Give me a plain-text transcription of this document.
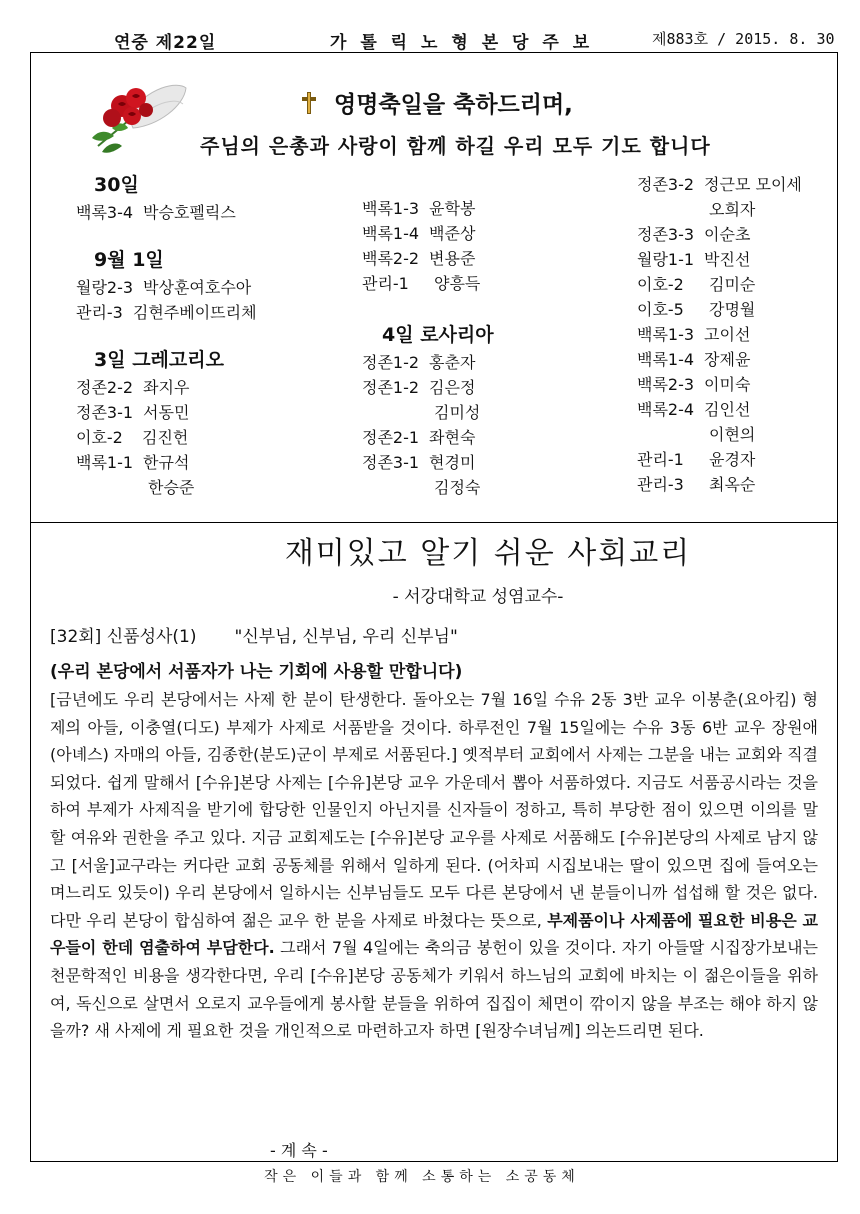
연중 제22일	가 톨 릭 노 형 본 당 주 보	제883호 / 2015. 8. 30
영명축일을 축하드리며,
주님의 은총과 사랑이 함께 하길 우리 모두 기도 합니다
30일
백록3-4 박승호펠릭스
9월 1일
월랑2-3 박상훈여호수아
관리-3 김현주베이뜨리체
3일 그레고리오
정존2-2 좌지우
정존3-1 서동민
이호-2 김진헌
백록1-1 한규석
한승준
백록1-3 윤학봉
백록1-4 백준상
백록2-2 변용준
관리-1 양흥득
4일 로사리아
정존1-2 홍춘자
정존1-2 김은정
김미성
정존2-1 좌현숙
정존3-1 현경미
김정숙
정존3-2 정근모 모이세
오희자
정존3-3 이순초
월랑1-1 박진선
이호-2 김미순
이호-5 강명월
백록1-3 고이선
백록1-4 장제윤
백록2-3 이미숙
백록2-4 김인선
이현의
관리-1 윤경자
관리-3 최옥순
재미있고 알기 쉬운 사회교리
- 서강대학교 성염교수-
[32회] 신품성사(1) "신부님, 신부님, 우리 신부님"
(우리 본당에서 서품자가 나는 기회에 사용할 만합니다)
[금년에도 우리 본당에서는 사제 한 분이 탄생한다. 돌아오는 7월 16일 수유 2동 3반 교우 이봉춘(요아킴) 형제의 아들, 이충열(디도) 부제가 사제로 서품받을 것이다. 하루전인 7월 15일에는 수유 3동 6반 교우 장원애(아녜스) 자매의 아들, 김종한(분도)군이 부제로 서품된다.] 옛적부터 교회에서 사제는 그분을 내는 교회와 직결되었다. 쉽게 말해서 [수유]본당 사제는 [수유]본당 교우 가운데서 뽑아 서품하였다. 지금도 서품공시라는 것을 하여 부제가 사제직을 받기에 합당한 인물인지 아닌지를 신자들이 정하고, 특히 부당한 점이 있으면 이의를 말할 여유와 권한을 주고 있다. 지금 교회제도는 [수유]본당 교우를 사제로 서품해도 [수유]본당의 사제로 남지 않고 [서울]교구라는 커다란 교회 공동체를 위해서 일하게 된다. (어차피 시집보내는 딸이 있으면 집에 들여오는 며느리도 있듯이) 우리 본당에서 일하시는 신부님들도 모두 다른 본당에서 낸 분들이니까 섭섭해 할 것은 없다. 다만 우리 본당이 합심하여 젊은 교우 한 분을 사제로 바쳤다는 뜻으로, 부제품이나 사제품에 필요한 비용은 교우들이 한데 염출하여 부담한다. 그래서 7월 4일에는 축의금 봉헌이 있을 것이다. 자기 아들딸 시집장가보내는 천문학적인 비용을 생각한다면, 우리 [수유]본당 공동체가 키워서 하느님의 교회에 바치는 이 젊은이들을 위하여, 독신으로 살면서 오로지 교우들에게 봉사할 분들을 위하여 집집이 체면이 깎이지 않을 부조는 해야 하지 않을까? 새 사제에 게 필요한 것을 개인적으로 마련하고자 하면 [원장수녀님께] 의논드리면 된다.
- 계 속 -
작은 이들과 함께 소통하는 소공동체
